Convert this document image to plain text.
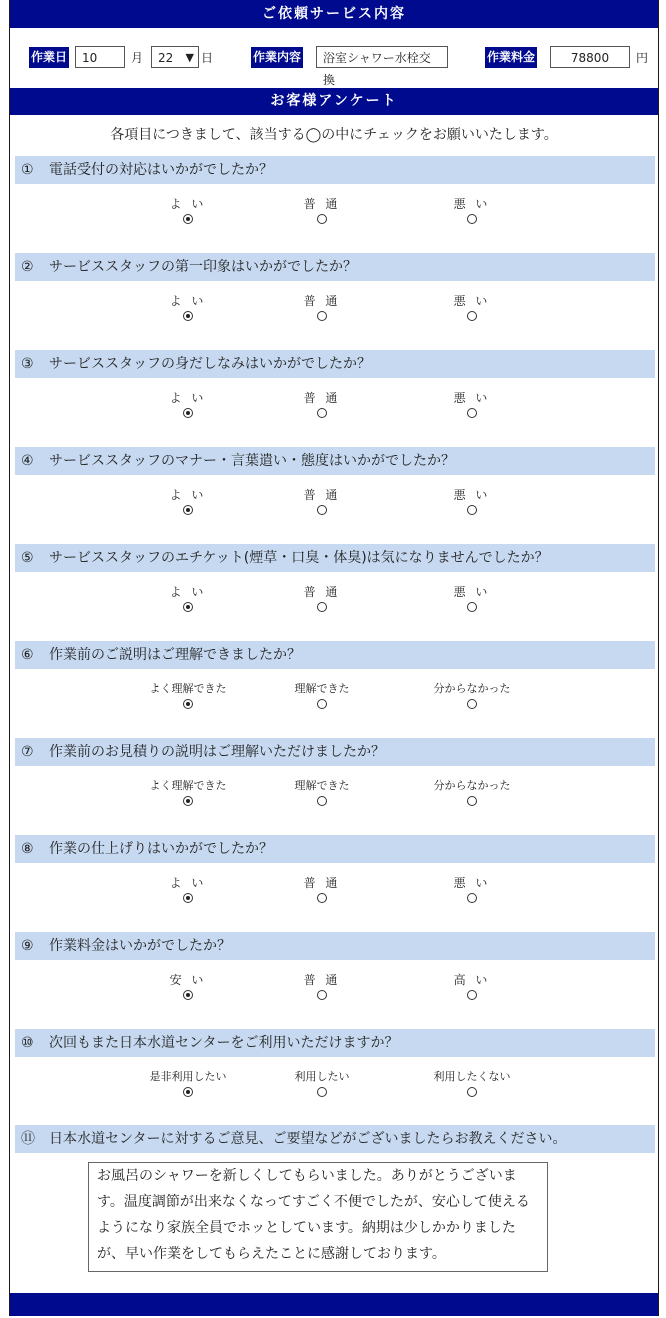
ご依頼サービス内容
作業日	10	月	22 ▼ 日	作業内容	浴室シャワー水栓交換
作業料金	78800	円
お客様アンケート
各項目につきまして、該当する◯の中にチェックをお願いいたします。
① 電話受付の対応はいかがでしたか？
よ い	普 通	悪 い
② サービススタッフの第一印象はいかがでしたか？
よ い	普 通	悪 い
③ サービススタッフの身だしなみはいかがでしたか？
よ い	普 通	悪 い
④ サービススタッフのマナー・言葉遣い・態度はいかがでしたか？
よ い	普 通	悪 い
⑤ サービススタッフのエチケット(煙草・口臭・体臭)は気になりませんでしたか？
よ い	普 通	悪 い
⑥ 作業前のご説明はご理解できましたか？
よく理解できた	理解できた	分からなかった
⑦ 作業前のお見積りの説明はご理解いただけましたか？
よく理解できた	理解できた	分からなかった
⑧ 作業の仕上げりはいかがでしたか？
よ い	普 通	悪 い
⑨ 作業料金はいかがでしたか？
安 い	普 通	高 い
⑩ 次回もまた日本水道センターをご利用いただけますか？
是非利用したい	利用したい	利用したくない
⑪ 日本水道センターに対するご意見、ご要望などがございましたらお教えください。
お風呂のシャワーを新しくしてもらいました。ありがとうございます。温度調節が出来なくなってすごく不便でしたが、安心して使えるようになり家族全員でホッとしています。納期は少しかかりましたが、早い作業をしてもらえたことに感謝しております。
